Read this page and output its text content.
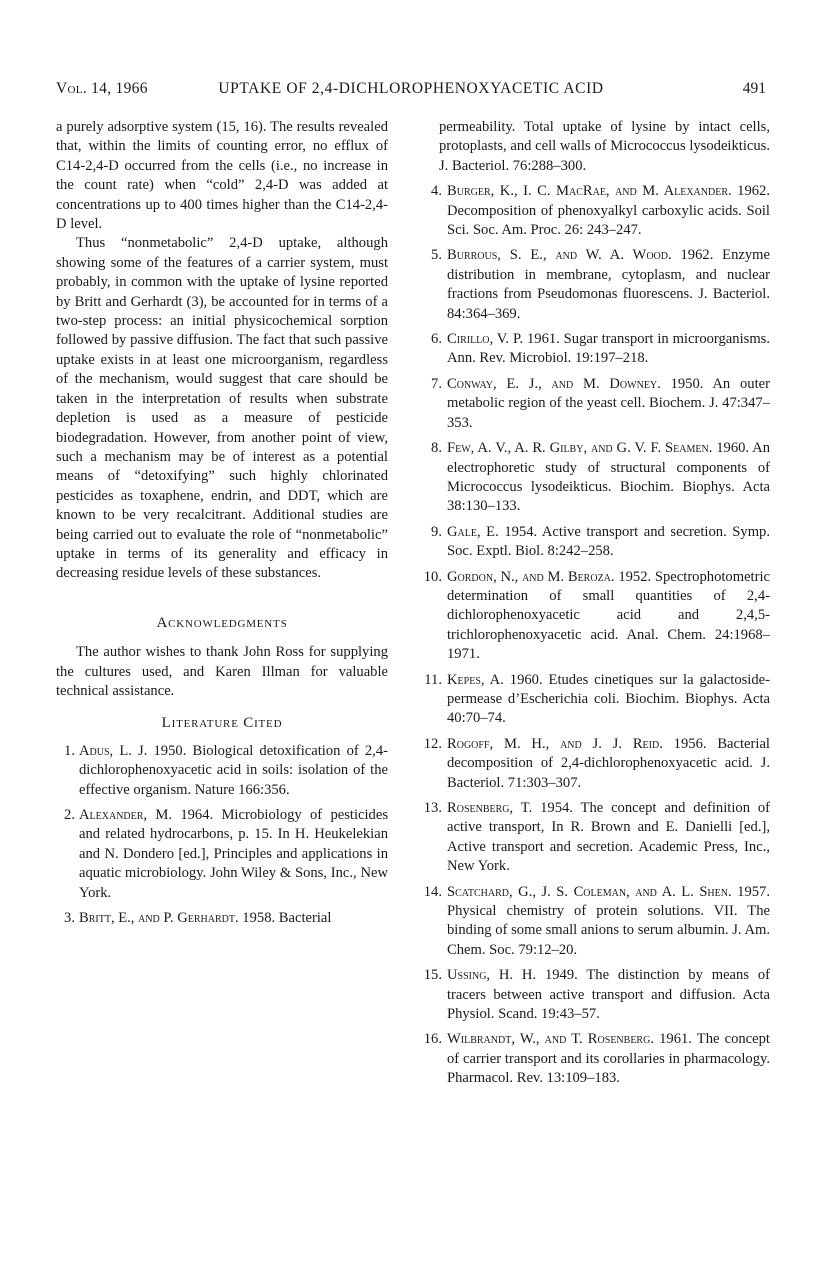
Vol. 14, 1966	UPTAKE OF 2,4-DICHLOROPHENOXYACETIC ACID	491

a purely adsorptive system (15, 16). The results revealed that, within the limits of counting error, no efflux of C14-2,4-D occurred from the cells (i.e., no increase in the count rate) when “cold” 2,4-D was added at concentrations up to 400 times higher than the C14-2,4-D level.

Thus “nonmetabolic” 2,4-D uptake, although showing some of the features of a carrier system, must probably, in common with the uptake of lysine reported by Britt and Gerhardt (3), be accounted for in terms of a two-step process: an initial physicochemical sorption followed by passive diffusion. The fact that such passive uptake exists in at least one microorganism, regardless of the mechanism, would suggest that care should be taken in the interpretation of results when substrate depletion is used as a measure of pesticide biodegradation. However, from another point of view, such a mechanism may be of interest as a potential means of “detoxifying” such highly chlorinated pesticides as toxaphene, endrin, and DDT, which are known to be very recalcitrant. Additional studies are being carried out to evaluate the role of “nonmetabolic” uptake in terms of its generality and efficacy in decreasing residue levels of these substances.

Acknowledgments

The author wishes to thank John Ross for supplying the cultures used, and Karen Illman for valuable technical assistance.

Literature Cited
1. Adus, L. J. 1950. Biological detoxification of 2,4-dichlorophenoxyacetic acid in soils: isolation of the effective organism. Nature 166:356.
2. Alexander, M. 1964. Microbiology of pesticides and related hydrocarbons, p. 15. In H. Heukelekian and N. Dondero [ed.], Principles and applications in aquatic microbiology. John Wiley & Sons, Inc., New York.
3. Britt, E., and P. Gerhardt. 1958. Bacterial
permeability. Total uptake of lysine by intact cells, protoplasts, and cell walls of Micrococcus lysodeikticus. J. Bacteriol. 76:288–300.
4. Burger, K., I. C. MacRae, and M. Alexander. 1962. Decomposition of phenoxyalkyl carboxylic acids. Soil Sci. Soc. Am. Proc. 26: 243–247.
5. Burrous, S. E., and W. A. Wood. 1962. Enzyme distribution in membrane, cytoplasm, and nuclear fractions from Pseudomonas fluorescens. J. Bacteriol. 84:364–369.
6. Cirillo, V. P. 1961. Sugar transport in microorganisms. Ann. Rev. Microbiol. 19:197–218.
7. Conway, E. J., and M. Downey. 1950. An outer metabolic region of the yeast cell. Biochem. J. 47:347–353.
8. Few, A. V., A. R. Gilby, and G. V. F. Seamen. 1960. An electrophoretic study of structural components of Micrococcus lysodeikticus. Biochim. Biophys. Acta 38:130–133.
9. Gale, E. 1954. Active transport and secretion. Symp. Soc. Exptl. Biol. 8:242–258.
10. Gordon, N., and M. Beroza. 1952. Spectrophotometric determination of small quantities of 2,4-dichlorophenoxyacetic acid and 2,4,5-trichlorophenoxyacetic acid. Anal. Chem. 24:1968–1971.
11. Kepes, A. 1960. Etudes cinetiques sur la galactoside-permease d’Escherichia coli. Biochim. Biophys. Acta 40:70–74.
12. Rogoff, M. H., and J. J. Reid. 1956. Bacterial decomposition of 2,4-dichlorophenoxyacetic acid. J. Bacteriol. 71:303–307.
13. Rosenberg, T. 1954. The concept and definition of active transport, In R. Brown and E. Danielli [ed.], Active transport and secretion. Academic Press, Inc., New York.
14. Scatchard, G., J. S. Coleman, and A. L. Shen. 1957. Physical chemistry of protein solutions. VII. The binding of some small anions to serum albumin. J. Am. Chem. Soc. 79:12–20.
15. Ussing, H. H. 1949. The distinction by means of tracers between active transport and diffusion. Acta Physiol. Scand. 19:43–57.
16. Wilbrandt, W., and T. Rosenberg. 1961. The concept of carrier transport and its corollaries in pharmacology. Pharmacol. Rev. 13:109–183.
